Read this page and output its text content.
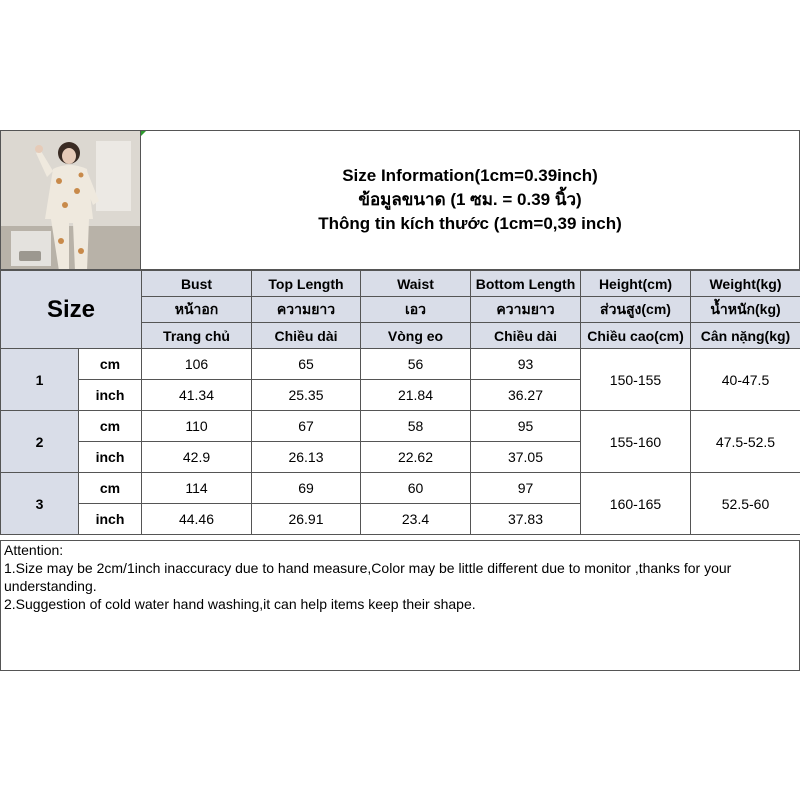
Size Information(1cm=0.39inch)
ข้อมูลขนาด (1 ซม. = 0.39 นิ้ว)
Thông tin kích thước (1cm=0,39 inch)
Size		Bust	Top Length	Waist	Bottom Length	Height(cm)	Weight(kg)
		หน้าอก	ความยาว	เอว	ความยาว	ส่วนสูง(cm)	น้ำหนัก(kg)
		Trang chủ	Chiều dài	Vòng eo	Chiều dài	Chiều cao(cm)	Cân nặng(kg)
1	cm	106	65	56	93	150-155	40-47.5
	inch	41.34	25.35	21.84	36.27		
2	cm	110	67	58	95	155-160	47.5-52.5
	inch	42.9	26.13	22.62	37.05		
3	cm	114	69	60	97	160-165	52.5-60
	inch	44.46	26.91	23.4	37.83		
Attention:
1.Size may be 2cm/1inch inaccuracy due to hand measure,Color may be little different due to monitor ,thanks for your understanding.
2.Suggestion of cold water hand washing,it can help items keep their shape.
